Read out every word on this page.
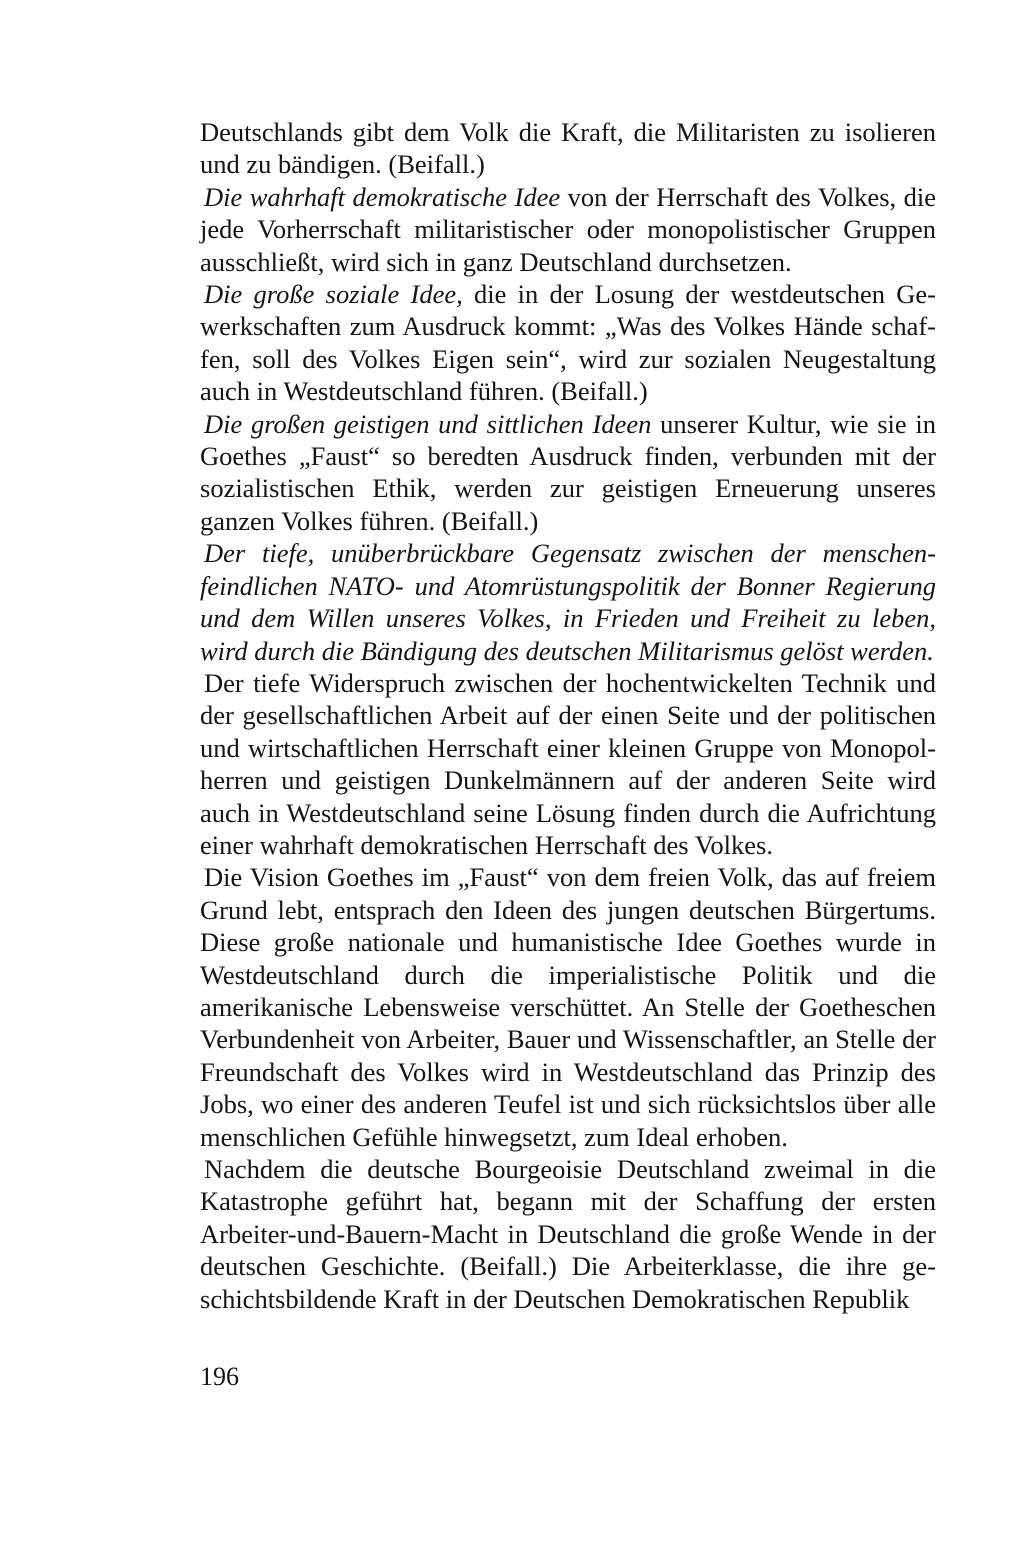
Deutschlands gibt dem Volk die Kraft, die Militaristen zu isolieren und zu bändigen. (Beifall.)

Die wahrhaft demokratische Idee von der Herrschaft des Volkes, die jede Vorherrschaft militaristischer oder monopolistischer Gruppen ausschließt, wird sich in ganz Deutschland durchsetzen.

Die große soziale Idee, die in der Losung der westdeutschen Gewerkschaften zum Ausdruck kommt: „Was des Volkes Hände schaffen, soll des Volkes Eigen sein“, wird zur sozialen Neugestaltung auch in Westdeutschland führen. (Beifall.)

Die großen geistigen und sittlichen Ideen unserer Kultur, wie sie in Goethes „Faust“ so beredten Ausdruck finden, verbunden mit der sozialistischen Ethik, werden zur geistigen Erneuerung unseres ganzen Volkes führen. (Beifall.)

Der tiefe, unüberbrückbare Gegensatz zwischen der menschenfeindlichen NATO- und Atomrüstungspolitik der Bonner Regierung und dem Willen unseres Volkes, in Frieden und Freiheit zu leben, wird durch die Bändigung des deutschen Militarismus gelöst werden.

Der tiefe Widerspruch zwischen der hochentwickelten Technik und der gesellschaftlichen Arbeit auf der einen Seite und der politischen und wirtschaftlichen Herrschaft einer kleinen Gruppe von Monopolherren und geistigen Dunkelmännern auf der anderen Seite wird auch in Westdeutschland seine Lösung finden durch die Aufrichtung einer wahrhaft demokratischen Herrschaft des Volkes.

Die Vision Goethes im „Faust“ von dem freien Volk, das auf freiem Grund lebt, entsprach den Ideen des jungen deutschen Bürgertums. Diese große nationale und humanistische Idee Goethes wurde in Westdeutschland durch die imperialistische Politik und die amerikanische Lebensweise verschüttet. An Stelle der Goetheschen Verbundenheit von Arbeiter, Bauer und Wissenschaftler, an Stelle der Freundschaft des Volkes wird in Westdeutschland das Prinzip des Jobs, wo einer des anderen Teufel ist und sich rücksichtslos über alle menschlichen Gefühle hinwegsetzt, zum Ideal erhoben.

Nachdem die deutsche Bourgeoisie Deutschland zweimal in die Katastrophe geführt hat, begann mit der Schaffung der ersten Arbeiter-und-Bauern-Macht in Deutschland die große Wende in der deutschen Geschichte. (Beifall.) Die Arbeiterklasse, die ihre geschichtsbildende Kraft in der Deutschen Demokratischen Republik

196
